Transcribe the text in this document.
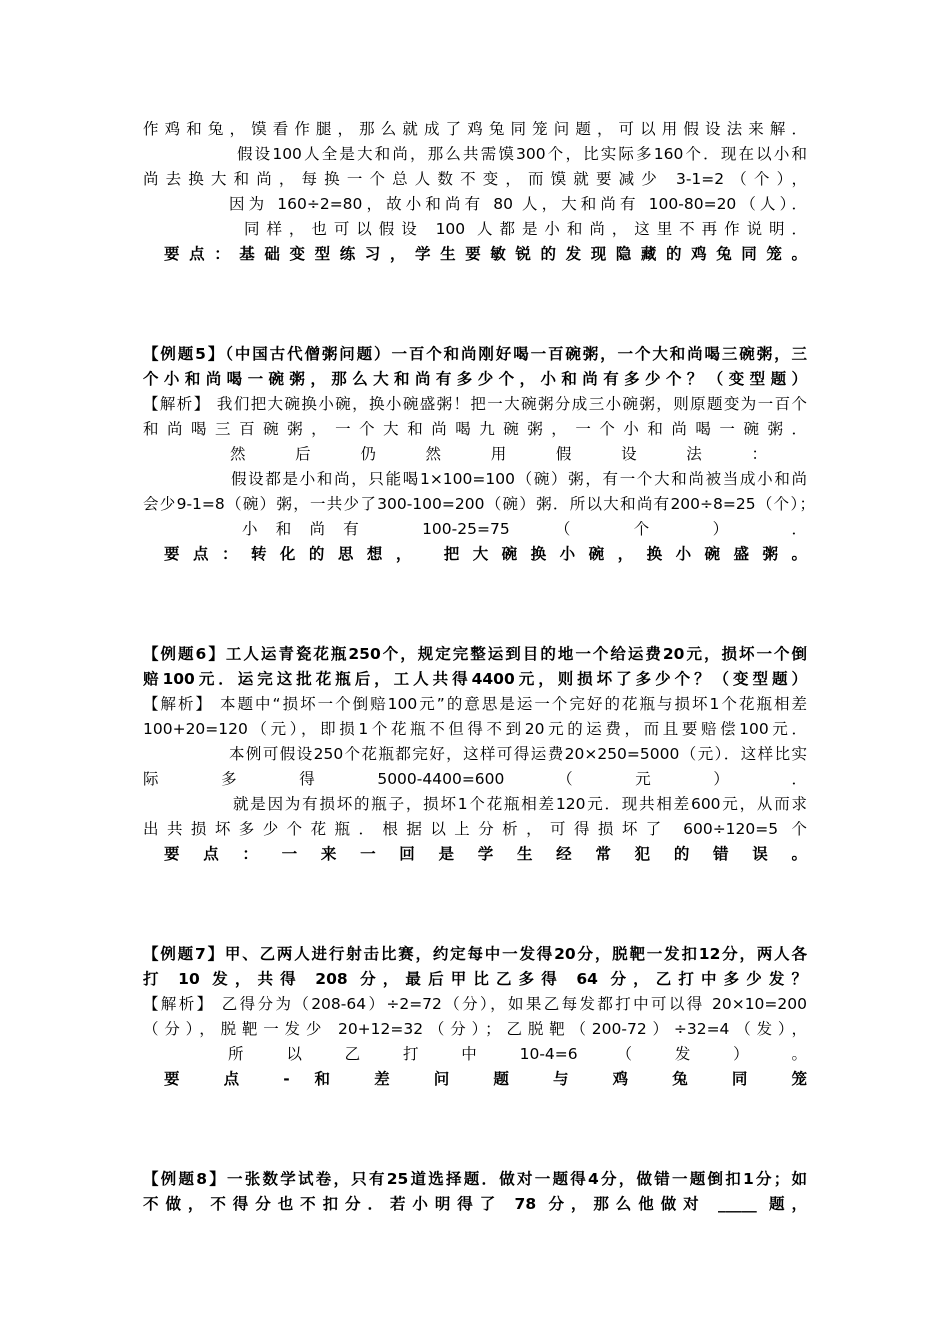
作鸡和兔，馍看作腿，那么就成了鸡兔同笼问题，可以用假设法来解．
假设100人全是大和尚，那么共需馍300个，比实际多160个．现在以小和
尚去换大和尚，每换一个总人数不变，而馍就要减少 3-1=2（个），
因为 160÷2=80，故小和尚有 80 人，大和尚有 100-80=20（人）．
同样，也可以假设 100 人都是小和尚，这里不再作说明．
要点：基础变型练习，学生要敏锐的发现隐藏的鸡兔同笼。
【例题5】（中国古代僧粥问题）一百个和尚刚好喝一百碗粥，一个大和尚喝三碗粥，三
个小和尚喝一碗粥，那么大和尚有多少个，小和尚有多少个？（变型题）
【解析】 我们把大碗换小碗，换小碗盛粥！把一大碗粥分成三小碗粥，则原题变为一百个
和尚喝三百碗粥，一个大和尚喝九碗粥，一个小和尚喝一碗粥．
然后仍然用假设法：
假设都是小和尚，只能喝1×100=100（碗）粥，有一个大和尚被当成小和尚
会少9-1=8（碗）粥，一共少了300-100=200（碗）粥．所以大和尚有200÷8=25（个）；
小和尚有 100-25=75 （ 个 ） ．
要点：转化的思想， 把大碗换小碗，换小碗盛粥。
【例题6】工人运青瓷花瓶250个，规定完整运到目的地一个给运费20元，损坏一个倒
赔100元．运完这批花瓶后，工人共得4400元，则损坏了多少个？（变型题）
【解析】 本题中“损坏一个倒赔100元”的意思是运一个完好的花瓶与损坏1个花瓶相差
100+20=120（元），即损1个花瓶不但得不到20元的运费，而且要赔偿100元．
本例可假设250个花瓶都完好，这样可得运费20×250=5000（元）．这样比实
际 多 得 5000-4400=600 （ 元 ） ．
就是因为有损坏的瓶子，损坏1个花瓶相差120元．现共相差600元，从而求
出共损坏多少个花瓶．根据以上分析，可得损坏了 600÷120=5 个
要 点 ： 一 来 一 回 是 学 生 经 常 犯 的 错 误 。
【例题7】甲、乙两人进行射击比赛，约定每中一发得20分，脱靶一发扣12分，两人各
打 10 发，共得 208 分，最后甲比乙多得 64 分，乙打中多少发？
【解析】 乙得分为（208-64）÷2=72（分），如果乙每发都打中可以得 20×10=200
（分），脱靶一发少 20+12=32（分）；乙脱靶（200-72）÷32=4（发），
所 以 乙 打 中 10-4=6 （ 发 ） 。
要 点 - 和 差 问 题 与 鸡 兔 同 笼
【例题8】一张数学试卷，只有25道选择题．做对一题得4分，做错一题倒扣1分；如
不做，不得分也不扣分．若小明得了 78 分，那么他做对 _____ 题，
